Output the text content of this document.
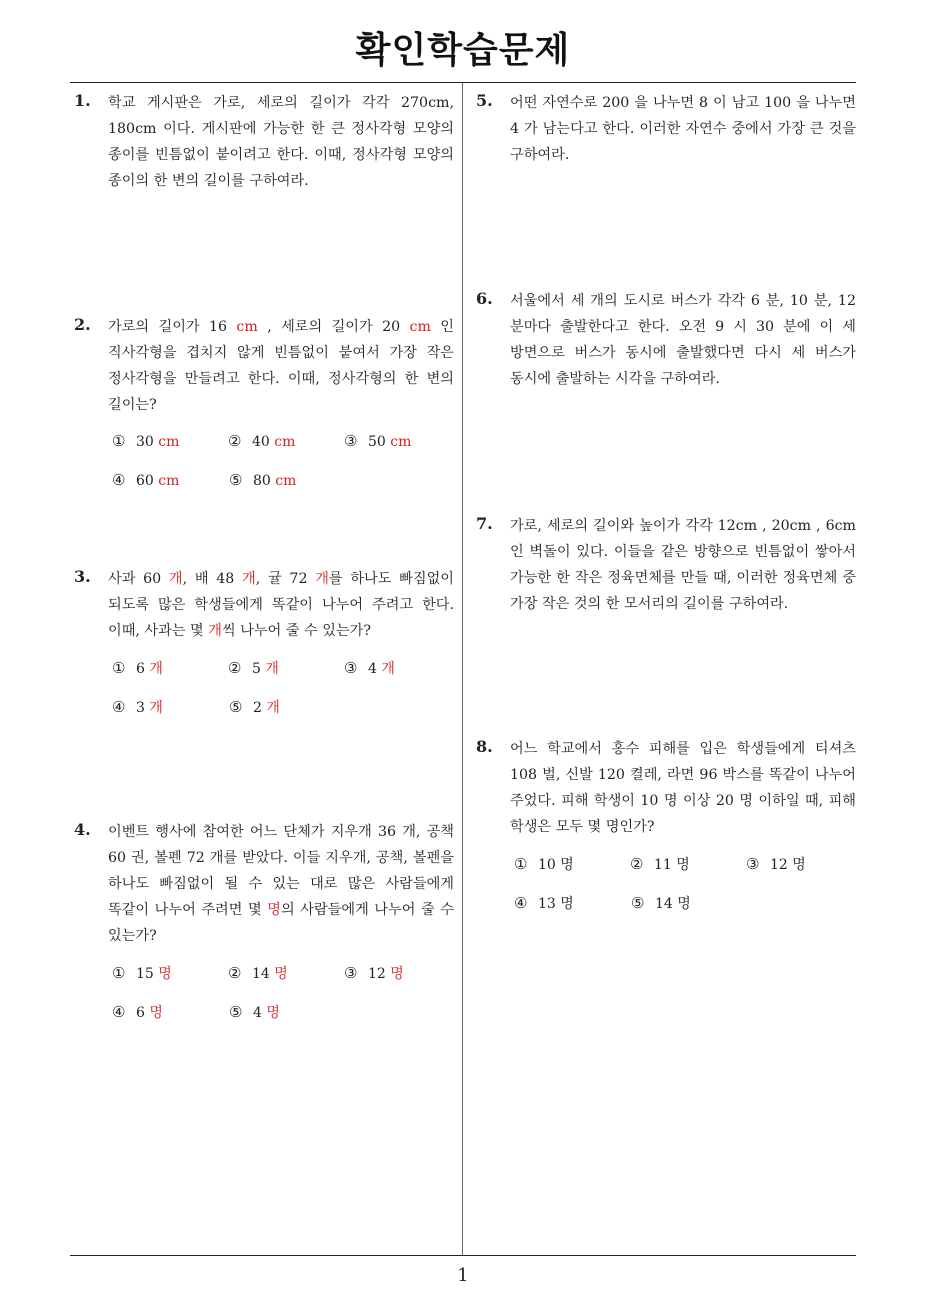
확인학습문제
1
1. 학교 게시판은 가로, 세로의 길이가 각각 270cm, 180cm 이다. 게시판에 가능한 한 큰 정사각형 모양의 종이를 빈틈없이 붙이려고 한다. 이때, 정사각형 모양의 종이의 한 변의 길이를 구하여라.
2. 가로의 길이가 16 cm , 세로의 길이가 20 cm 인 직사각형을 겹치지 않게 빈틈없이 붙여서 가장 작은 정사각형을 만들려고 한다. 이때, 정사각형의 한 변의 길이는?
① 30
cm	② 40
cm	③ 50
cm
④ 60
cm	⑤ 80
cm
3. 사과 60 개, 배 48 개, 귤 72 개를 하나도 빠짐없이 되도록 많은 학생들에게 똑같이 나누어 주려고 한다. 이때, 사과는 몇 개씩 나누어 줄 수 있는가?
① 6
개	② 5
개	③ 4
개
④ 3
개	⑤ 2
개
4. 이벤트 행사에 참여한 어느 단체가 지우개 36 개, 공책 60 권, 볼펜 72 개를 받았다. 이들 지우개, 공책, 볼펜을 하나도 빠짐없이 될 수 있는 대로 많은 사람들에게 똑같이 나누어 주려면 몇 명의 사람들에게 나누어 줄 수 있는가?
① 15
명	② 14
명	③ 12
명
④ 6
명	⑤ 4
명
5. 어떤 자연수로 200 을 나누면 8 이 남고 100 을 나누면 4 가 남는다고 한다. 이러한 자연수 중에서 가장 큰 것을 구하여라.
6. 서울에서 세 개의 도시로 버스가 각각 6 분, 10 분, 12 분마다 출발한다고 한다. 오전 9 시 30 분에 이 세 방면으로 버스가 동시에 출발했다면 다시 세 버스가 동시에 출발하는 시각을 구하여라.
7. 가로, 세로의 길이와 높이가 각각 12cm , 20cm , 6cm 인 벽돌이 있다. 이들을 같은 방향으로 빈틈없이 쌓아서 가능한 한 작은 정육면체를 만들 때, 이러한 정육면체 중 가장 작은 것의 한 모서리의 길이를 구하여라.
8. 어느 학교에서 홍수 피해를 입은 학생들에게 티셔츠 108 벌, 신발 120 켤레, 라면 96 박스를 똑같이 나누어 주었다. 피해 학생이 10 명 이상 20 명 이하일 때, 피해 학생은 모두 몇 명인가?
① 10
명	② 11
명	③ 12
명
④ 13
명	⑤ 14
명
